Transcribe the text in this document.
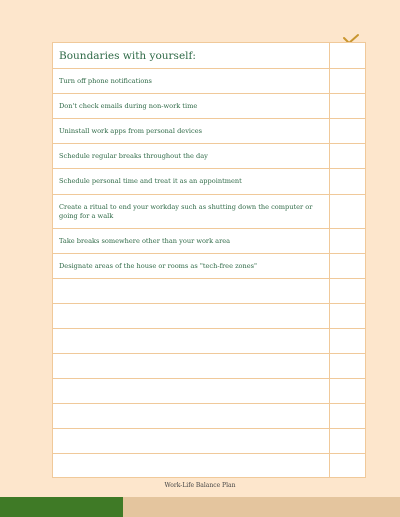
Boundaries with yourself:
Turn off phone notifications
Don't check emails during non-work time
Uninstall work apps from personal devices
Schedule regular breaks throughout the day
Schedule personal time and treat it as an appointment
Create a ritual to end your workday such as shutting down the computer or going for a walk
Take breaks somewhere other than your work area
Designate areas of the house or rooms as "tech-free zones"
Work-Life Balance Plan
